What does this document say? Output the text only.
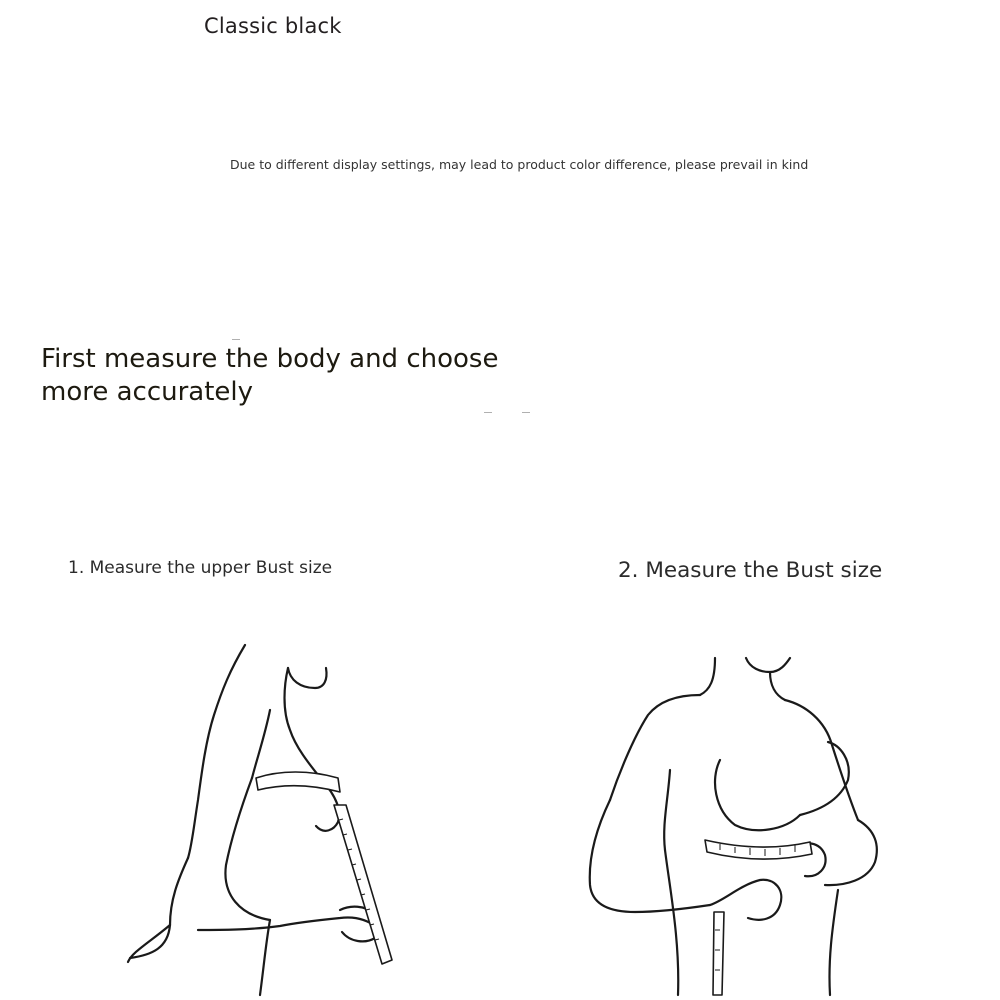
Classic black

Due to different display settings, may lead to product color difference, please prevail in kind

First measure the body and choose more accurately

1. Measure the upper Bust size	2. Measure the Bust size
